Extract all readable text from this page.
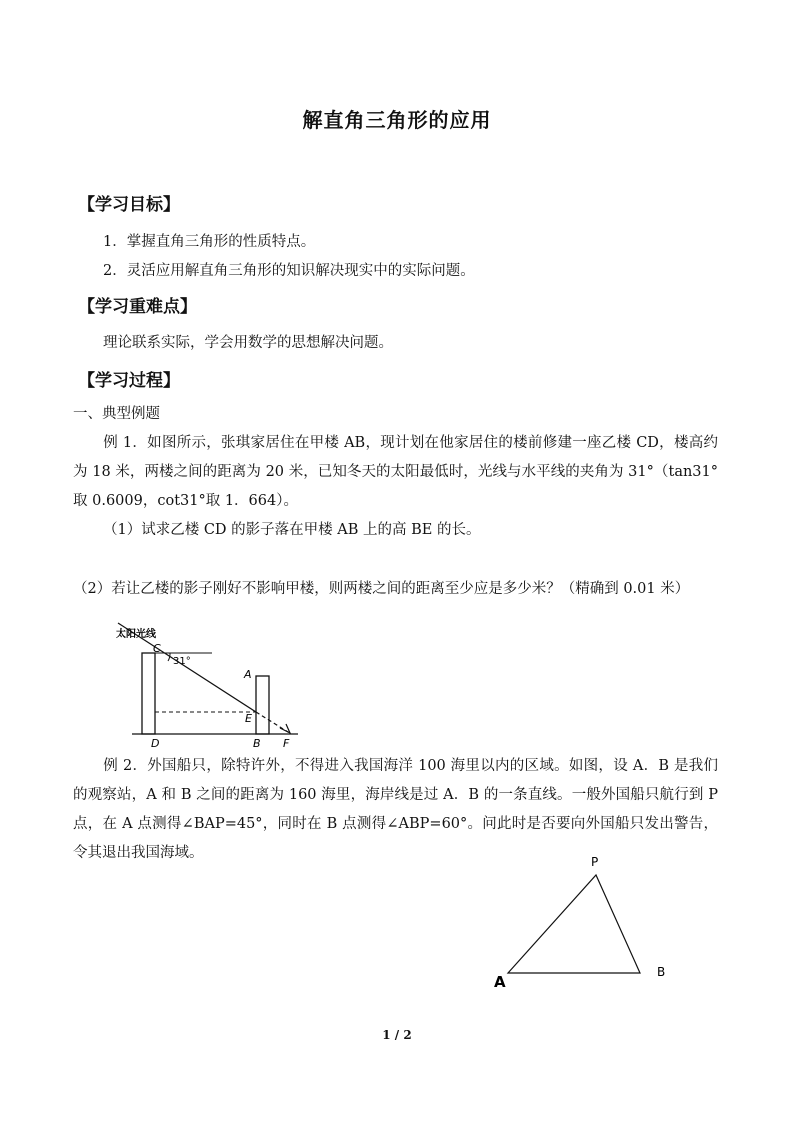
解直角三角形的应用
【学习目标】
1．掌握直角三角形的性质特点。
2．灵活应用解直角三角形的知识解决现实中的实际问题。
【学习重难点】
理论联系实际，学会用数学的思想解决问题。
【学习过程】
一、典型例题
例 1．如图所示，张琪家居住在甲楼 AB，现计划在他家居住的楼前修建一座乙楼 CD，楼高约为 18 米，两楼之间的距离为 20 米，已知冬天的太阳最低时，光线与水平线的夹角为 31°（tan31°取 0.6009，cot31°取 1．664）。
（1）试求乙楼 CD 的影子落在甲楼 AB 上的高 BE 的长。
（2）若让乙楼的影子刚好不影响甲楼，则两楼之间的距离至少应是多少米？（精确到 0.01 米）
太阳光线
31°
C
A
E
D	B F
例 2．外国船只，除特许外，不得进入我国海洋 100 海里以内的区域。如图，设 A．B 是我们的观察站，A 和 B 之间的距离为 160 海里，海岸线是过 A．B 的一条直线。一般外国船只航行到 P 点，在 A 点测得∠BAP=45°，同时在 B 点测得∠ABP=60°。问此时是否要向外国船只发出警告，令其退出我国海域。
P
A
B
1 / 2
